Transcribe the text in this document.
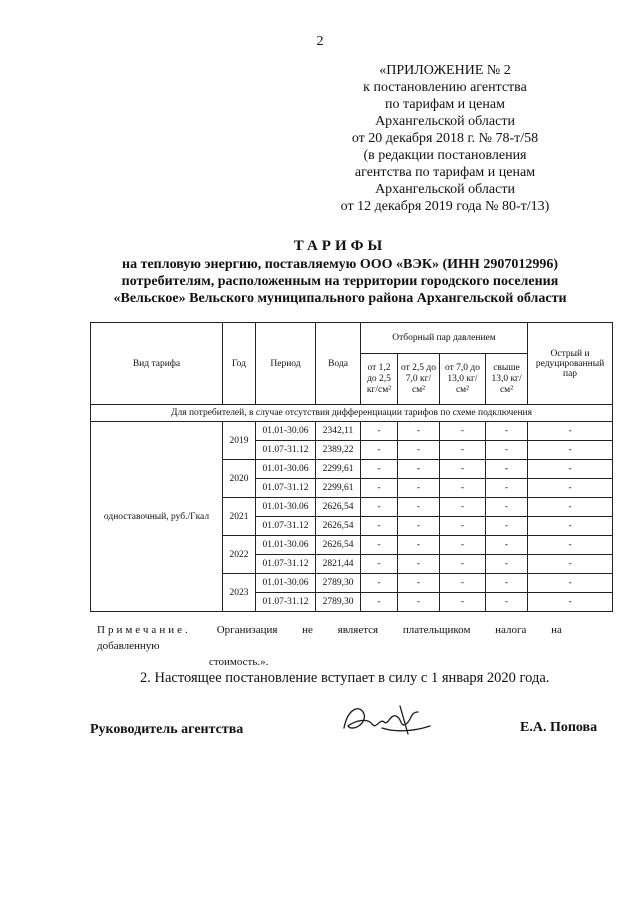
2
«ПРИЛОЖЕНИЕ № 2
к постановлению агентства
по тарифам и ценам
Архангельской области
от 20 декабря 2018 г. № 78-т/58
(в редакции постановления
агентства по тарифам и ценам
Архангельской области
от 12 декабря 2019 года № 80-т/13)
ТАРИФЫ
на тепловую энергию, поставляемую ООО «ВЭК» (ИНН 2907012996)
потребителям, расположенным на территории городского поселения
«Вельское» Вельского муниципального района Архангельской области
Вид тарифа	Год	Период	Вода	Отборный пар давлением				Острый и редуцированный пар
				от 1,2 до 2,5 кг/см²	от 2,5 до 7,0 кг/см²	от 7,0 до 13,0 кг/см²	свыше 13,0 кг/см²	
Для потребителей, в случае отсутствия дифференциации тарифов по схеме подключения								
одноставочный, руб./Гкал	2019	01.01-30.06	2342,11	-	-	-	-	-
		01.07-31.12	2389,22	-	-	-	-	-
	2020	01.01-30.06	2299,61	-	-	-	-	-
		01.07-31.12	2299,61	-	-	-	-	-
	2021	01.01-30.06	2626,54	-	-	-	-	-
		01.07-31.12	2626,54	-	-	-	-	-
	2022	01.01-30.06	2626,54	-	-	-	-	-
		01.07-31.12	2821,44	-	-	-	-	-
	2023	01.01-30.06	2789,30	-	-	-	-	-
		01.07-31.12	2789,30	-	-	-	-	-
Примечание. Организация не является плательщиком налога на добавленную
стоимость.».
2. Настоящее постановление вступает в силу с 1 января 2020 года.
Руководитель агентства	Е.А. Попова
